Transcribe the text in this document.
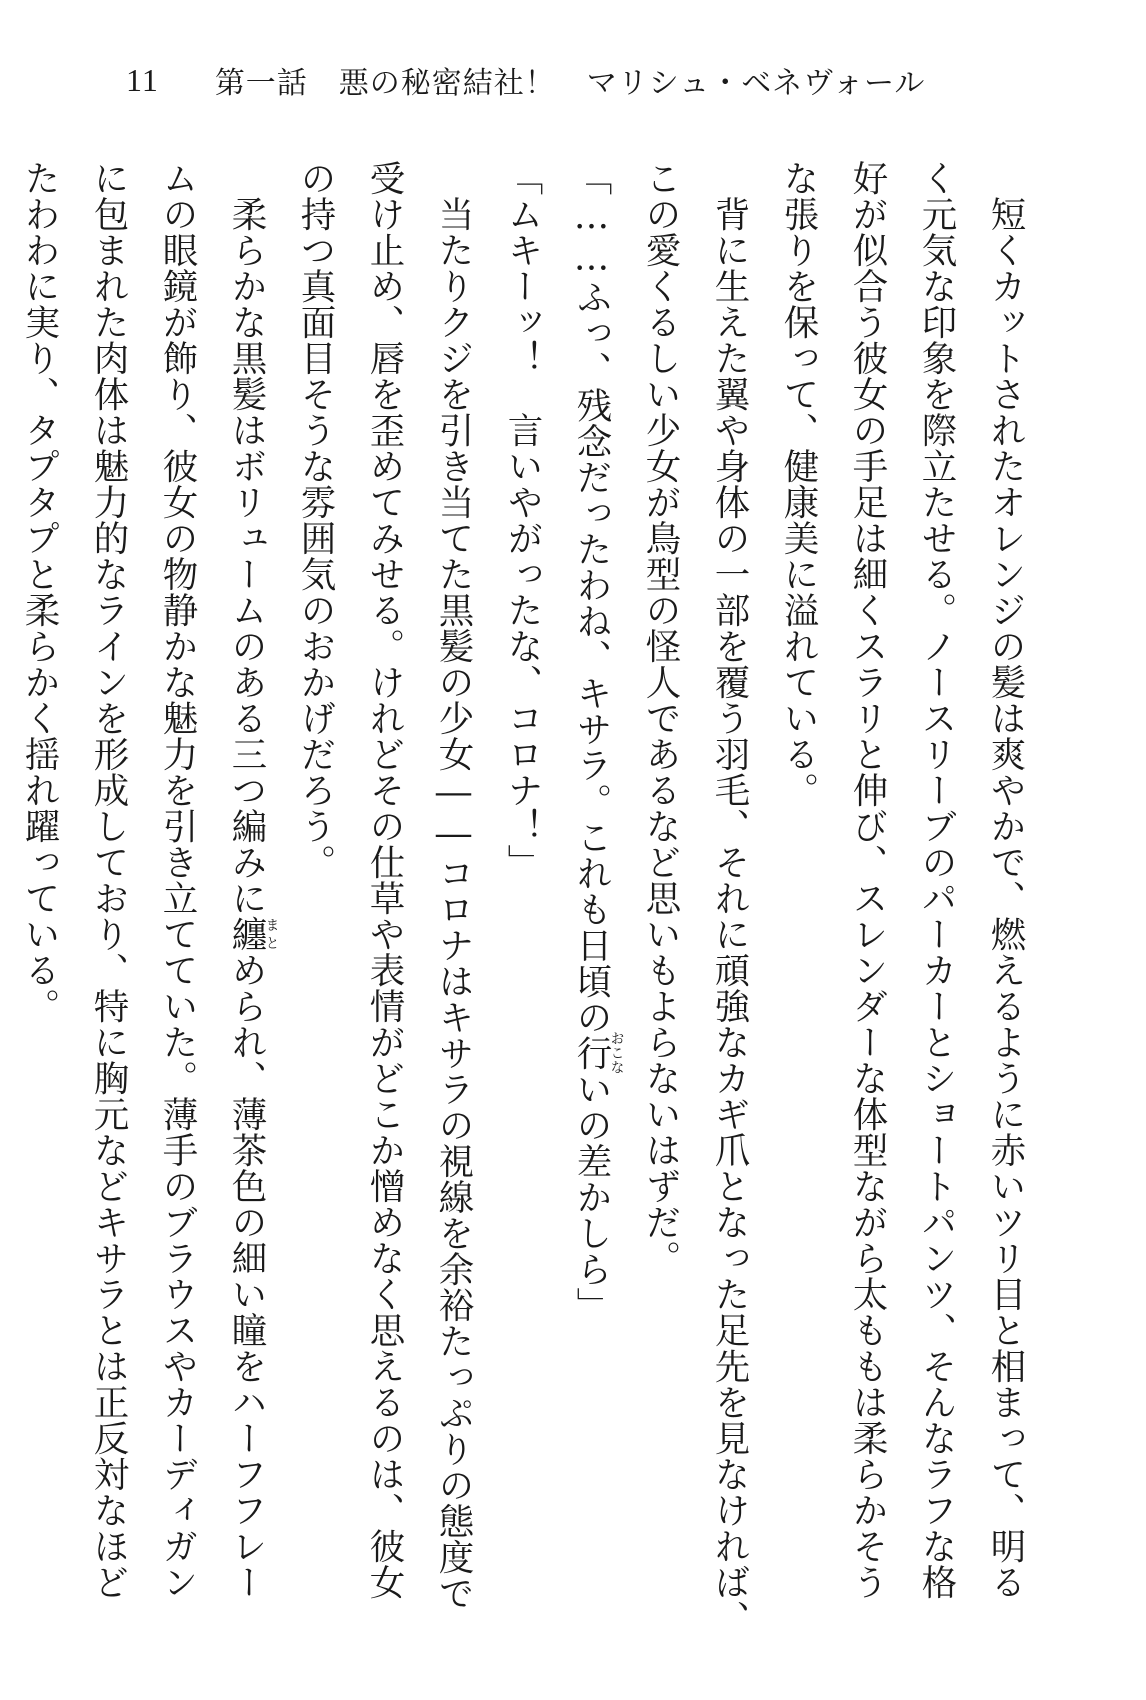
11 第一話　悪の秘密結社！　マリシュ・ベネヴォール
　短くカットされたオレンジの髪は爽やかで、燃えるように赤いツリ目と相まって、明る
く元気な印象を際立たせる。ノースリーブのパーカーとショートパンツ、そんなラフな格
好が似合う彼女の手足は細くスラリと伸び、スレンダーな体型ながら太ももは柔らかそう
な張りを保って、健康美に溢れている。
　背に生えた翼や身体の一部を覆う羽毛、それに頑強なカギ爪となった足先を見なければ、
この愛くるしい少女が鳥型の怪人であるなど思いもよらないはずだ。
「……ふっ、残念だったわね、キサラ。これも日頃の行おこないの差かしら」
「ムキーッ！　言いやがったな、コロナ！」
　当たりクジを引き当てた黒髪の少女――コロナはキサラの視線を余裕たっぷりの態度で
受け止め、唇を歪めてみせる。けれどその仕草や表情がどこか憎めなく思えるのは、彼女
の持つ真面目そうな雰囲気のおかげだろう。
　柔らかな黒髪はボリュームのある三つ編みに纏まとめられ、薄茶色の細い瞳をハーフフレー
ムの眼鏡が飾り、彼女の物静かな魅力を引き立てていた。薄手のブラウスやカーディガン
に包まれた肉体は魅力的なラインを形成しており、特に胸元などキサラとは正反対なほど
たわわに実り、タプタプと柔らかく揺れ躍っている。
